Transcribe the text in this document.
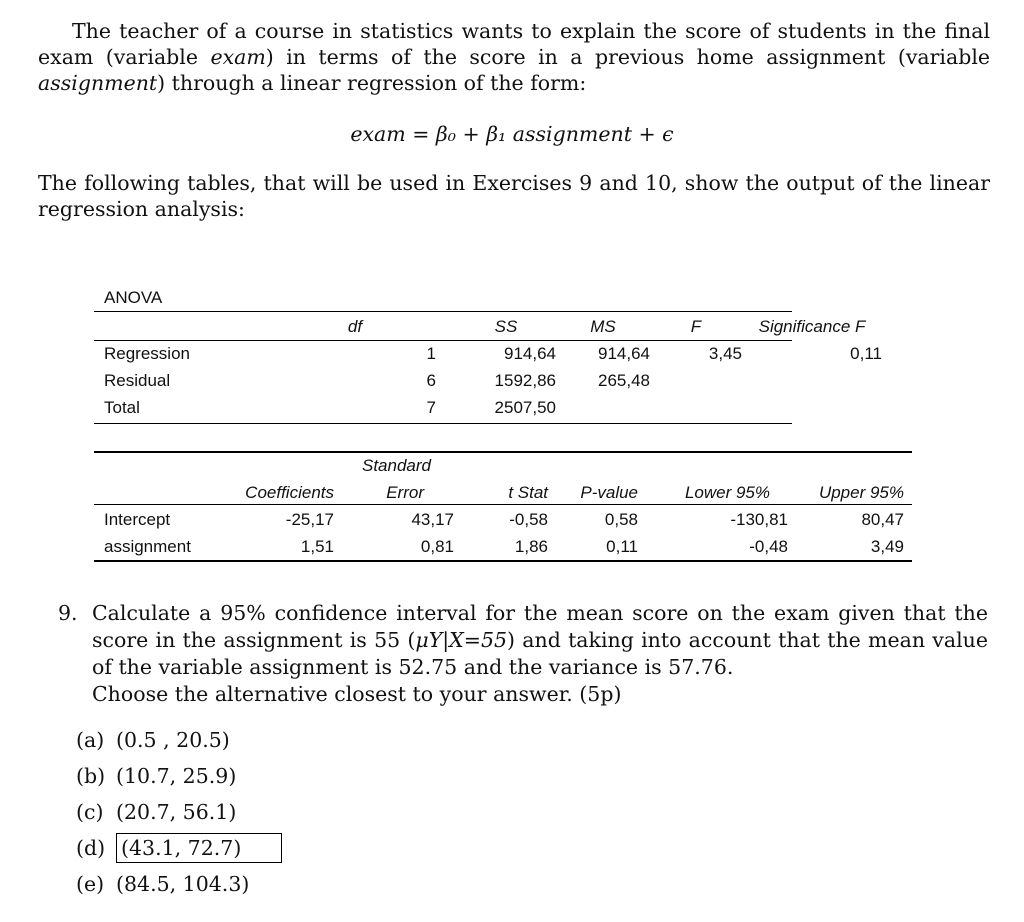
The teacher of a course in statistics wants to explain the score of students in the final exam (variable exam) in terms of the score in a previous home assignment (variable assignment) through a linear regression of the form:

exam = β₀ + β₁ assignment + ϵ

The following tables, that will be used in Exercises 9 and 10, show the output of the linear regression analysis:

ANOVA
	df	SS	MS	F	Significance F
Regression	1	914,64	914,64	3,45	0,11
Residual	6	1592,86	265,48		
Total	7	2507,50			
Standard
	Coefficients	Error	t Stat	P-value	Lower 95%	Upper 95%
Intercept	-25,17	43,17	-0,58	0,58	-130,81	80,47
assignment	1,51	0,81	1,86	0,11	-0,48	3,49
9. Calculate a 95% confidence interval for the mean score on the exam given that the score in the assignment is 55 (μY|X=55) and taking into account that the mean value of the variable assignment is 52.75 and the variance is 57.76.
Choose the alternative closest to your answer. (5p)
(a) (0.5 , 20.5)
(b) (10.7, 25.9)
(c) (20.7, 56.1)
(d) (43.1, 72.7)
(e) (84.5, 104.3)
